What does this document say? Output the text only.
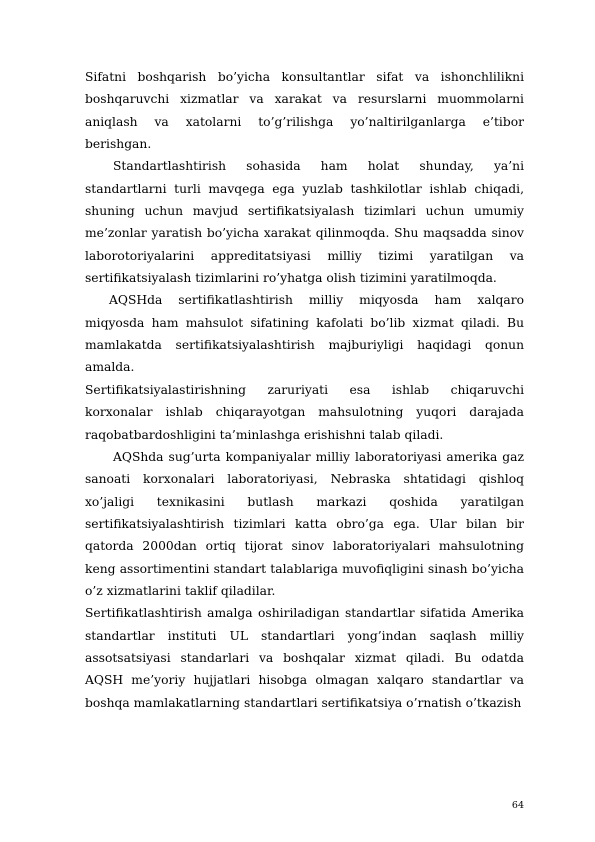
Sifatni boshqarish bo’yicha konsultantlar sifat va ishonchlilikni boshqaruvchi xizmatlar va xarakat va resurslarni muommolarni aniqlash va xatolarni to’g’rilishga yo’naltirilganlarga e’tibor berishgan.

Standartlashtirish sohasida ham holat shunday, ya’ni standartlarni turli mavqega ega yuzlab tashkilotlar ishlab chiqadi, shuning uchun mavjud sertifikatsiyalash tizimlari uchun umumiy me’zonlar yaratish bo’yicha xarakat qilinmoqda. Shu maqsadda sinov laborotoriyalarini appreditatsiyasi milliy tizimi yaratilgan va sertifikatsiyalash tizimlarini ro’yhatga olish tizimini yaratilmoqda.

AQSHda sertifikatlashtirish milliy miqyosda ham xalqaro miqyosda ham mahsulot sifatining kafolati bo’lib xizmat qiladi. Bu mamlakatda sertifikatsiyalashtirish majburiyligi haqidagi qonun amalda.

Sertifikatsiyalastirishning zaruriyati esa ishlab chiqaruvchi korxonalar ishlab chiqarayotgan mahsulotning yuqori darajada raqobatbardoshligini ta’minlashga erishishni talab qiladi.

AQShda sug’urta kompaniyalar milliy laboratoriyasi amerika gaz sanoati korxonalari laboratoriyasi, Nebraska shtatidagi qishloq xo’jaligi texnikasini butlash markazi qoshida yaratilgan sertifikatsiyalashtirish tizimlari katta obro’ga ega. Ular bilan bir qatorda 2000dan ortiq tijorat sinov laboratoriyalari mahsulotning keng assortimentini standart talablariga muvofiqligini sinash bo’yicha o’z xizmatlarini taklif qiladilar.

Sertifikatlashtirish amalga oshiriladigan standartlar sifatida Amerika standartlar instituti UL standartlari yong’indan saqlash milliy assotsatsiyasi standarlari va boshqalar xizmat qiladi. Bu odatda AQSH me’yoriy hujjatlari hisobga olmagan xalqaro standartlar va boshqa mamlakatlarning standartlari sertifikatsiya o’rnatish o’tkazish

64
